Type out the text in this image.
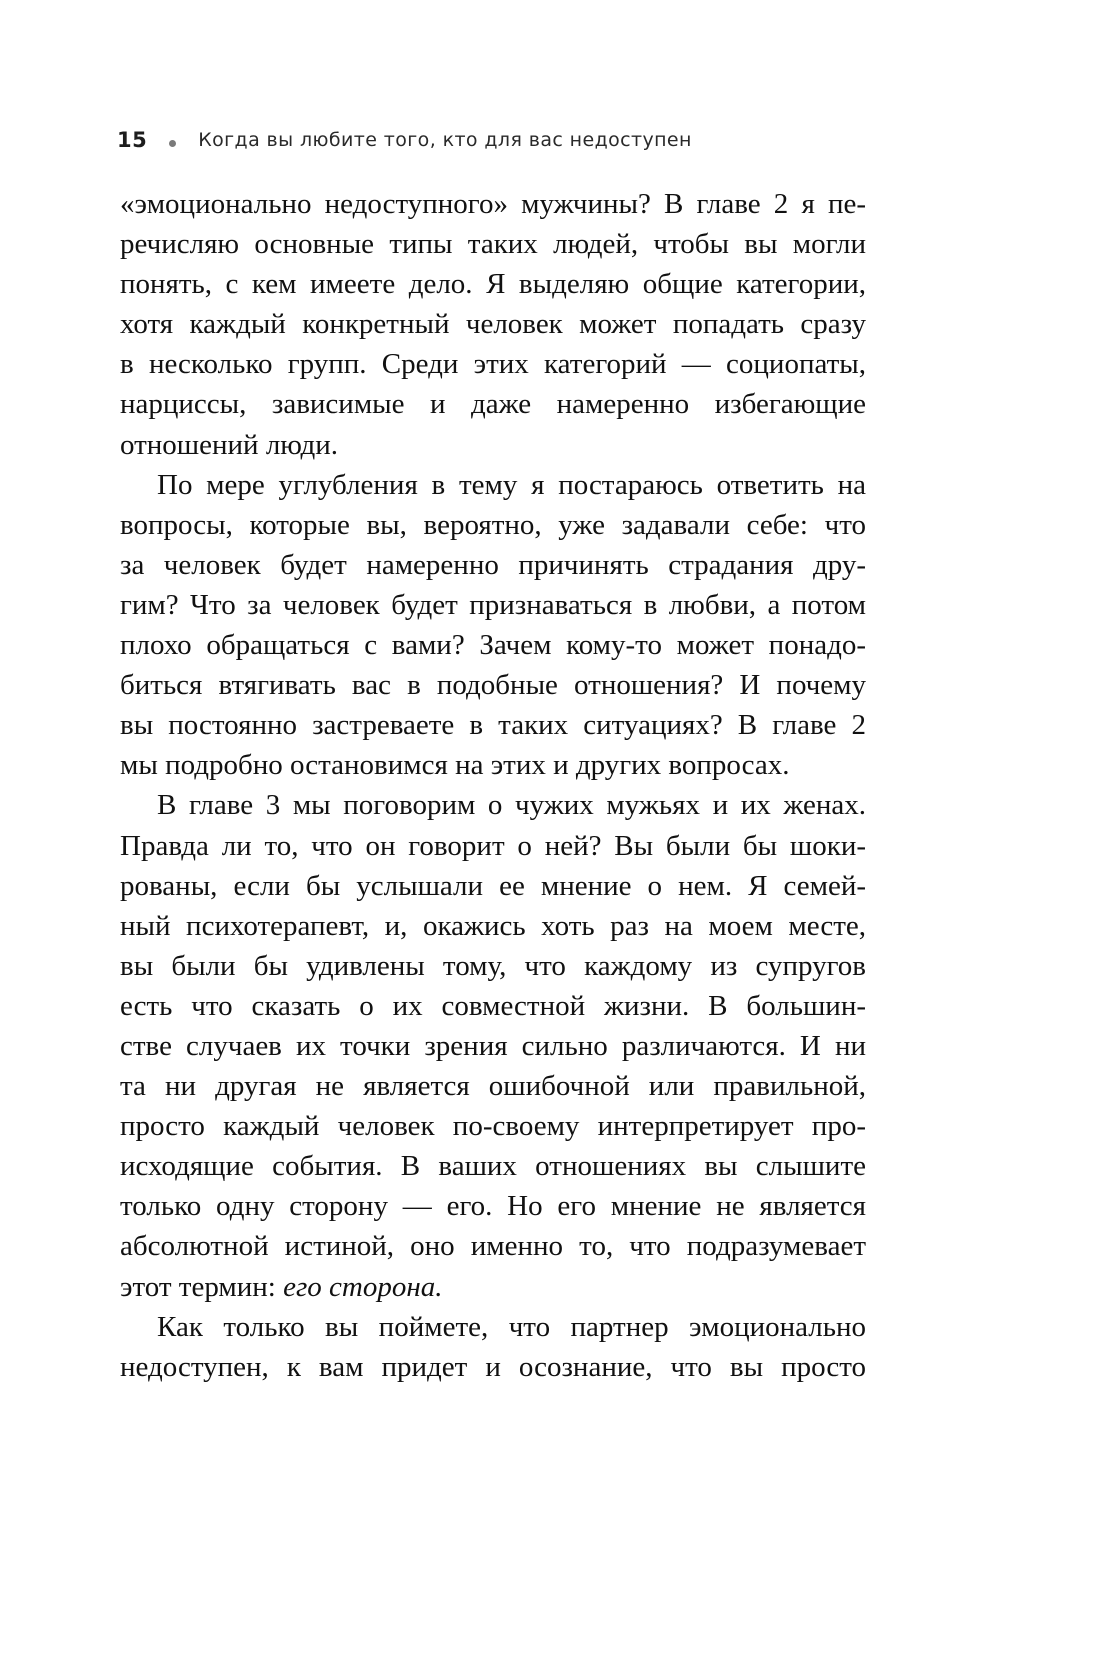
15	Когда вы любите того, кто для вас недоступен
«эмоционально недоступного» мужчины? В главе 2 я пе-
речисляю основные типы таких людей, чтобы вы могли
понять, с кем имеете дело. Я выделяю общие категории,
хотя каждый конкретный человек может попадать сразу
в несколько групп. Среди этих категорий — социопаты,
нарциссы, зависимые и даже намеренно избегающие
отношений люди.
По мере углубления в тему я постараюсь ответить на
вопросы, которые вы, вероятно, уже задавали себе: что
за человек будет намеренно причинять страдания дру-
гим? Что за человек будет признаваться в любви, а потом
плохо обращаться с вами? Зачем кому-то может понадо-
биться втягивать вас в подобные отношения? И почему
вы постоянно застреваете в таких ситуациях? В главе 2
мы подробно остановимся на этих и других вопросах.
В главе 3 мы поговорим о чужих мужьях и их женах.
Правда ли то, что он говорит о ней? Вы были бы шоки-
рованы, если бы услышали ее мнение о нем. Я семей-
ный психотерапевт, и, окажись хоть раз на моем месте,
вы были бы удивлены тому, что каждому из супругов
есть что сказать о их совместной жизни. В большин-
стве случаев их точки зрения сильно различаются. И ни
та ни другая не является ошибочной или правильной,
просто каждый человек по-своему интерпретирует про-
исходящие события. В ваших отношениях вы слышите
только одну сторону — его. Но его мнение не является
абсолютной истиной, оно именно то, что подразумевает
этот термин: его сторона.
Как только вы поймете, что партнер эмоционально
недоступен, к вам придет и осознание, что вы просто
